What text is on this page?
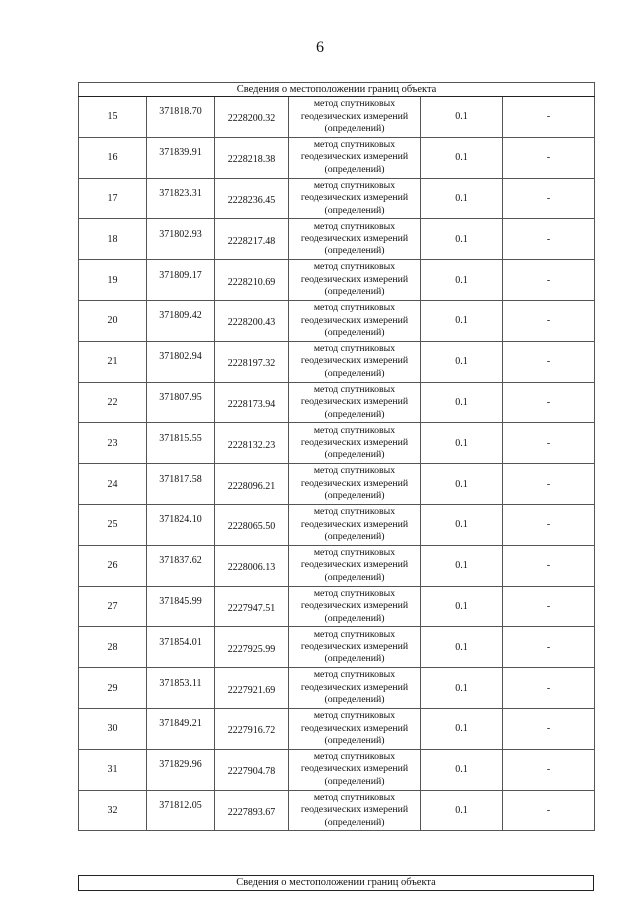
6
Сведения о местоположении границ объекта					
15	371818.70	2228200.32	метод спутниковых
геодезических измерений
(определений)	0.1	-
16	371839.91	2228218.38	метод спутниковых
геодезических измерений
(определений)	0.1	-
17	371823.31	2228236.45	метод спутниковых
геодезических измерений
(определений)	0.1	-
18	371802.93	2228217.48	метод спутниковых
геодезических измерений
(определений)	0.1	-
19	371809.17	2228210.69	метод спутниковых
геодезических измерений
(определений)	0.1	-
20	371809.42	2228200.43	метод спутниковых
геодезических измерений
(определений)	0.1	-
21	371802.94	2228197.32	метод спутниковых
геодезических измерений
(определений)	0.1	-
22	371807.95	2228173.94	метод спутниковых
геодезических измерений
(определений)	0.1	-
23	371815.55	2228132.23	метод спутниковых
геодезических измерений
(определений)	0.1	-
24	371817.58	2228096.21	метод спутниковых
геодезических измерений
(определений)	0.1	-
25	371824.10	2228065.50	метод спутниковых
геодезических измерений
(определений)	0.1	-
26	371837.62	2228006.13	метод спутниковых
геодезических измерений
(определений)	0.1	-
27	371845.99	2227947.51	метод спутниковых
геодезических измерений
(определений)	0.1	-
28	371854.01	2227925.99	метод спутниковых
геодезических измерений
(определений)	0.1	-
29	371853.11	2227921.69	метод спутниковых
геодезических измерений
(определений)	0.1	-
30	371849.21	2227916.72	метод спутниковых
геодезических измерений
(определений)	0.1	-
31	371829.96	2227904.78	метод спутниковых
геодезических измерений
(определений)	0.1	-
32	371812.05	2227893.67	метод спутниковых
геодезических измерений
(определений)	0.1	-
Сведения о местоположении границ объекта
